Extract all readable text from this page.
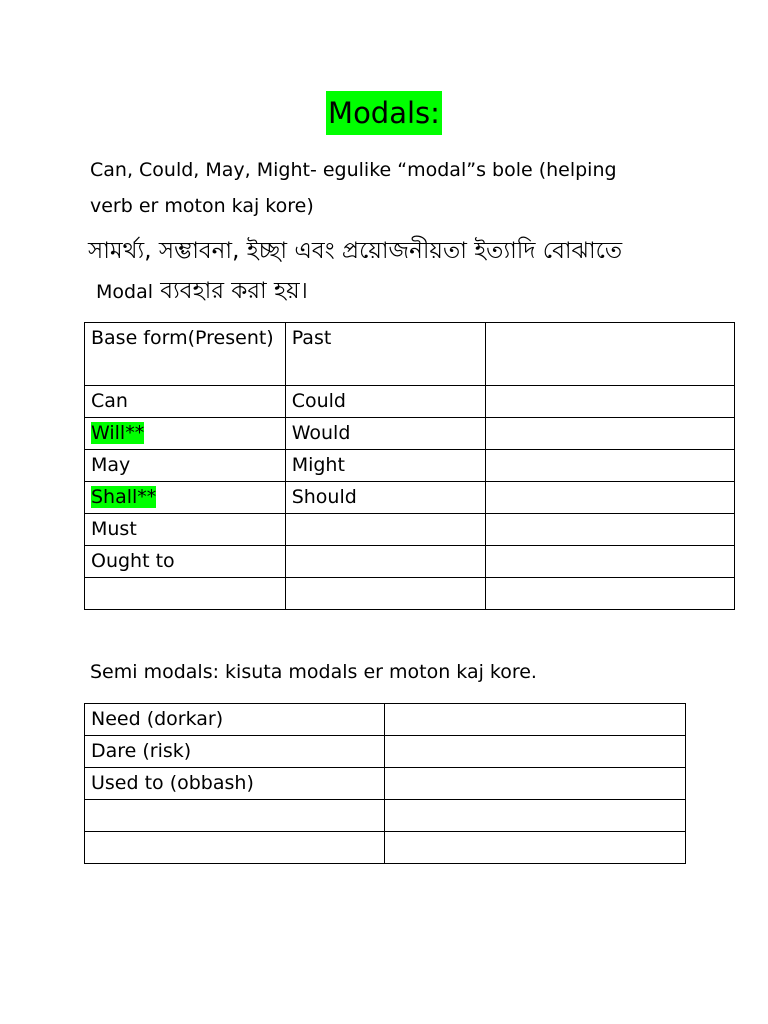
Modals:

Can, Could, May, Might- egulike “modal”s bole (helping
verb er moton kaj kore)

সামর্থ্য, সম্ভাবনা, ইচ্ছা এবং প্রয়োজনীয়তা ইত্যাদি বোঝাতে
Modal ব্যবহার করা হয়।

Base form(Present)	Past	
Can	Could	
Will**	Would	
May	Might	
Shall**	Should	
Must		
Ought to		

Semi modals: kisuta modals er moton kaj kore.

Need (dorkar)	
Dare (risk)	
Used to (obbash)	
